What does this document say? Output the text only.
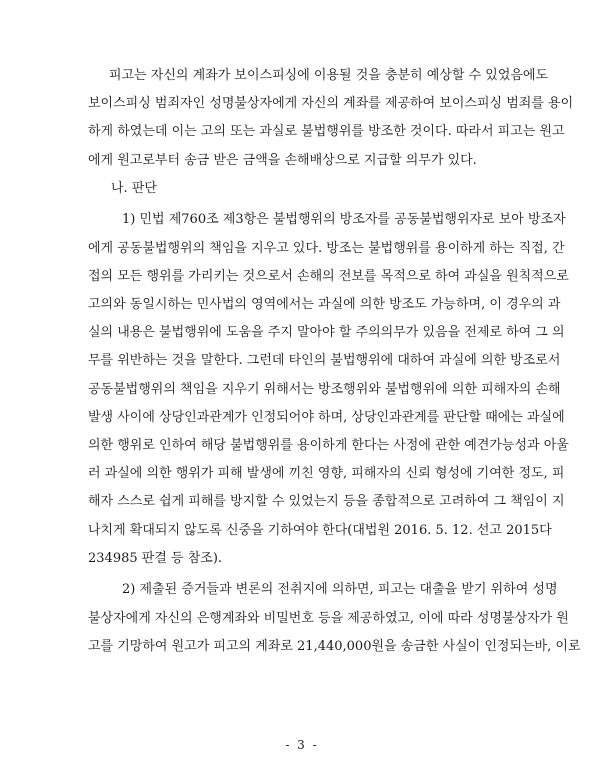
피고는 자신의 계좌가 보이스피싱에 이용될 것을 충분히 예상할 수 있었음에도
보이스피싱 범죄자인 성명불상자에게 자신의 계좌를 제공하여 보이스피싱 범죄를 용이
하게 하였는데 이는 고의 또는 과실로 불법행위를 방조한 것이다. 따라서 피고는 원고
에게 원고로부터 송금 받은 금액을 손해배상으로 지급할 의무가 있다.
나. 판단
1) 민법 제760조 제3항은 불법행위의 방조자를 공동불법행위자로 보아 방조자
에게 공동불법행위의 책임을 지우고 있다. 방조는 불법행위를 용이하게 하는 직접, 간
접의 모든 행위를 가리키는 것으로서 손해의 전보를 목적으로 하여 과실을 원칙적으로
고의와 동일시하는 민사법의 영역에서는 과실에 의한 방조도 가능하며, 이 경우의 과
실의 내용은 불법행위에 도움을 주지 말아야 할 주의의무가 있음을 전제로 하여 그 의
무를 위반하는 것을 말한다. 그런데 타인의 불법행위에 대하여 과실에 의한 방조로서
공동불법행위의 책임을 지우기 위해서는 방조행위와 불법행위에 의한 피해자의 손해
발생 사이에 상당인과관계가 인정되어야 하며, 상당인과관계를 판단할 때에는 과실에
의한 행위로 인하여 해당 불법행위를 용이하게 한다는 사정에 관한 예견가능성과 아울
러 과실에 의한 행위가 피해 발생에 끼친 영향, 피해자의 신뢰 형성에 기여한 정도, 피
해자 스스로 쉽게 피해를 방지할 수 있었는지 등을 종합적으로 고려하여 그 책임이 지
나치게 확대되지 않도록 신중을 기하여야 한다(대법원 2016. 5. 12. 선고 2015다
234985 판결 등 참조).
2) 제출된 증거들과 변론의 전취지에 의하면, 피고는 대출을 받기 위하여 성명
불상자에게 자신의 은행계좌와 비밀번호 등을 제공하였고, 이에 따라 성명불상자가 원
고를 기망하여 원고가 피고의 계좌로 21,440,000원을 송금한 사실이 인정되는바, 이로
- 3 -
